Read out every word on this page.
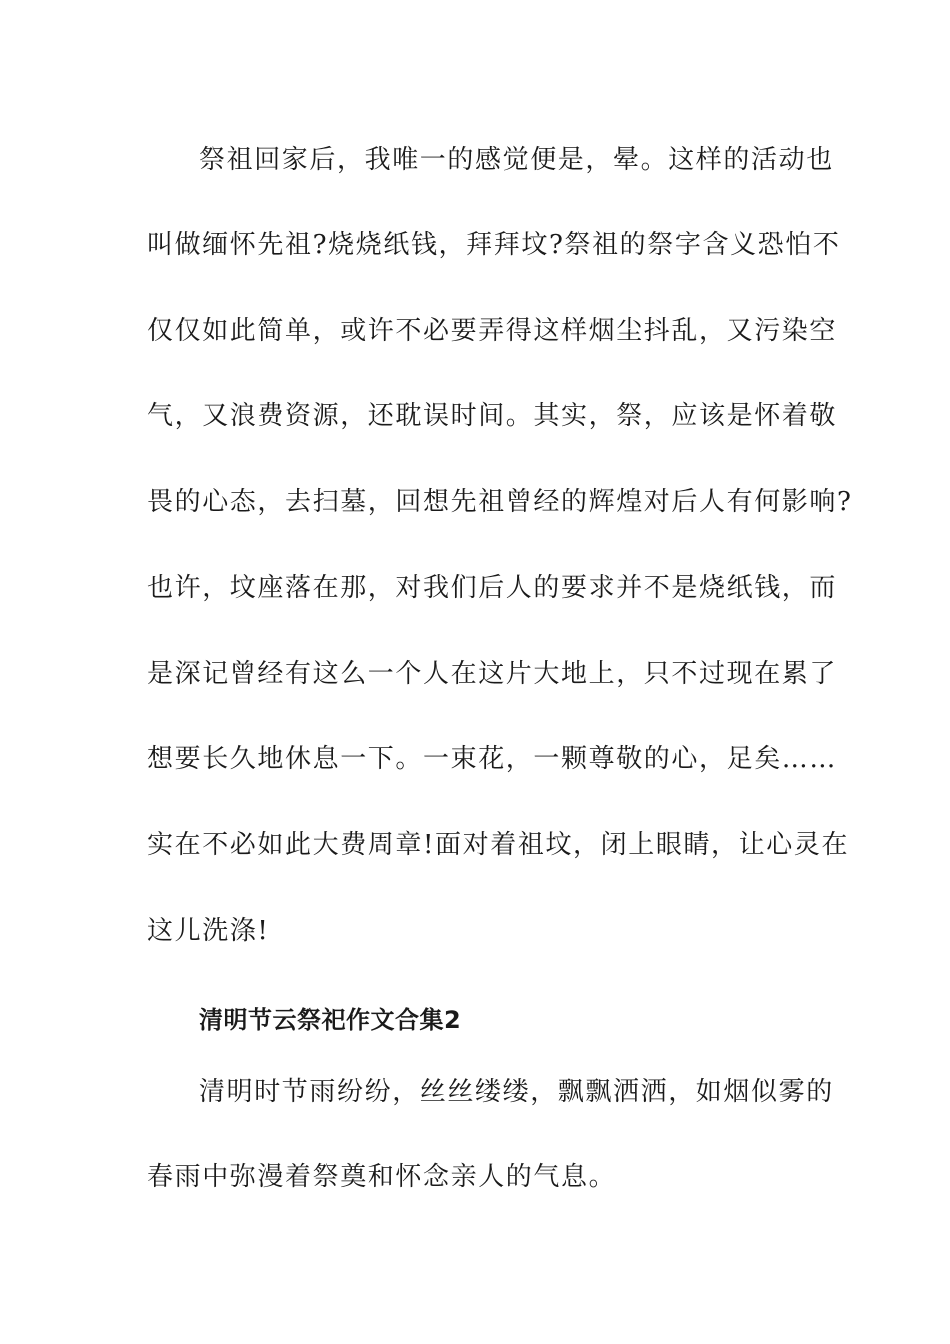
祭祖回家后，我唯一的感觉便是，晕。这样的活动也
叫做缅怀先祖?烧烧纸钱，拜拜坟?祭祖的祭字含义恐怕不
仅仅如此简单，或许不必要弄得这样烟尘抖乱，又污染空
气，又浪费资源，还耽误时间。其实，祭，应该是怀着敬
畏的心态，去扫墓，回想先祖曾经的辉煌对后人有何影响?
也许，坟座落在那，对我们后人的要求并不是烧纸钱，而
是深记曾经有这么一个人在这片大地上，只不过现在累了
想要长久地休息一下。一束花，一颗尊敬的心，足矣……
实在不必如此大费周章!面对着祖坟，闭上眼睛，让心灵在
这儿洗涤!
清明节云祭祀作文合集2
清明时节雨纷纷，丝丝缕缕，飘飘洒洒，如烟似雾的
春雨中弥漫着祭奠和怀念亲人的气息。
